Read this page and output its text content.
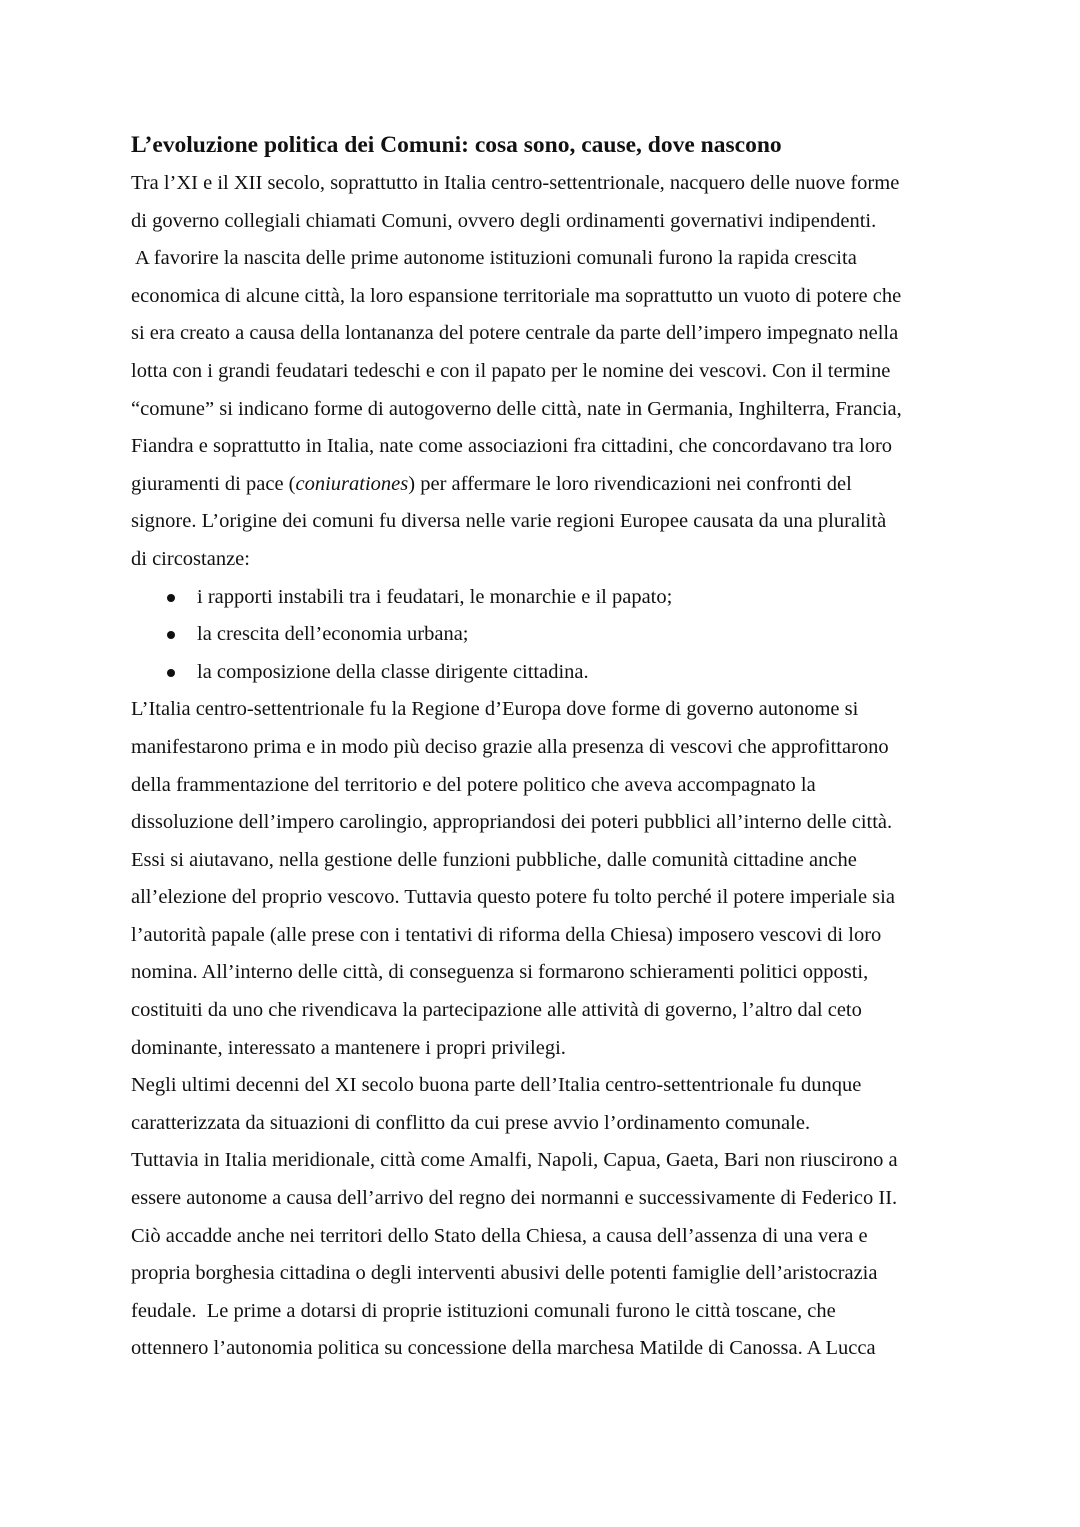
L’evoluzione politica dei Comuni: cosa sono, cause, dove nascono
Tra l’XI e il XII secolo, soprattutto in Italia centro-settentrionale, nacquero delle nuove forme
di governo collegiali chiamati Comuni, ovvero degli ordinamenti governativi indipendenti.
A favorire la nascita delle prime autonome istituzioni comunali furono la rapida crescita
economica di alcune città, la loro espansione territoriale ma soprattutto un vuoto di potere che
si era creato a causa della lontananza del potere centrale da parte dell’impero impegnato nella
lotta con i grandi feudatari tedeschi e con il papato per le nomine dei vescovi. Con il termine
“comune” si indicano forme di autogoverno delle città, nate in Germania, Inghilterra, Francia,
Fiandra e soprattutto in Italia, nate come associazioni fra cittadini, che concordavano tra loro
giuramenti di pace (coniurationes) per affermare le loro rivendicazioni nei confronti del
signore. L’origine dei comuni fu diversa nelle varie regioni Europee causata da una pluralità
di circostanze:
i rapporti instabili tra i feudatari, le monarchie e il papato;
la crescita dell’economia urbana;
la composizione della classe dirigente cittadina.
L’Italia centro-settentrionale fu la Regione d’Europa dove forme di governo autonome si
manifestarono prima e in modo più deciso grazie alla presenza di vescovi che approfittarono
della frammentazione del territorio e del potere politico che aveva accompagnato la
dissoluzione dell’impero carolingio, appropriandosi dei poteri pubblici all’interno delle città.
Essi si aiutavano, nella gestione delle funzioni pubbliche, dalle comunità cittadine anche
all’elezione del proprio vescovo. Tuttavia questo potere fu tolto perché il potere imperiale sia
l’autorità papale (alle prese con i tentativi di riforma della Chiesa) imposero vescovi di loro
nomina. All’interno delle città, di conseguenza si formarono schieramenti politici opposti,
costituiti da uno che rivendicava la partecipazione alle attività di governo, l’altro dal ceto
dominante, interessato a mantenere i propri privilegi.
Negli ultimi decenni del XI secolo buona parte dell’Italia centro-settentrionale fu dunque
caratterizzata da situazioni di conflitto da cui prese avvio l’ordinamento comunale.
Tuttavia in Italia meridionale, città come Amalfi, Napoli, Capua, Gaeta, Bari non riuscirono a
essere autonome a causa dell’arrivo del regno dei normanni e successivamente di Federico II.
Ciò accadde anche nei territori dello Stato della Chiesa, a causa dell’assenza di una vera e
propria borghesia cittadina o degli interventi abusivi delle potenti famiglie dell’aristocrazia
feudale.  Le prime a dotarsi di proprie istituzioni comunali furono le città toscane, che
ottennero l’autonomia politica su concessione della marchesa Matilde di Canossa. A Lucca
